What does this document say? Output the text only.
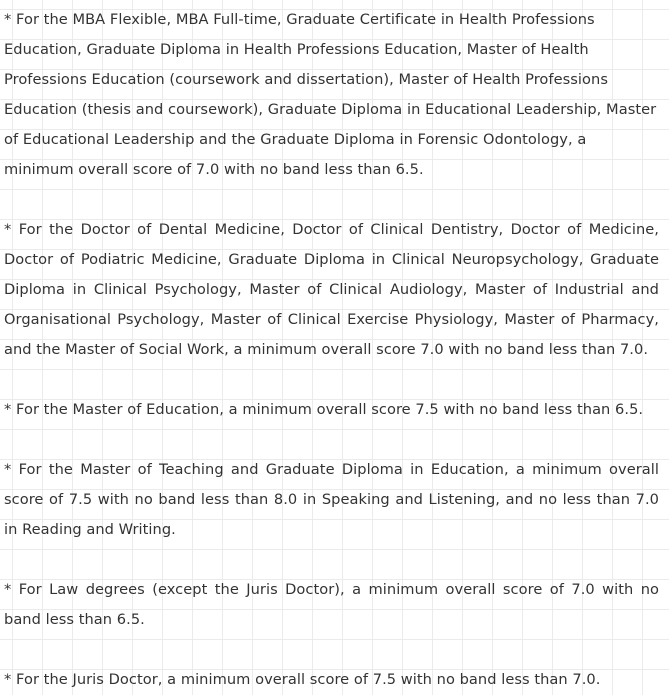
* For the MBA Flexible, MBA Full-time, Graduate Certificate in Health Professions Education, Graduate Diploma in Health Professions Education, Master of Health Professions Education (coursework and dissertation), Master of Health Professions Education (thesis and coursework), Graduate Diploma in Educational Leadership, Master of Educational Leadership and the Graduate Diploma in Forensic Odontology, a minimum overall score of 7.0 with no band less than 6.5.

* For the Doctor of Dental Medicine, Doctor of Clinical Dentistry, Doctor of Medicine, Doctor of Podiatric Medicine, Graduate Diploma in Clinical Neuropsychology, Graduate Diploma in Clinical Psychology, Master of Clinical Audiology, Master of Industrial and Organisational Psychology, Master of Clinical Exercise Physiology, Master of Pharmacy, and the Master of Social Work, a minimum overall score 7.0 with no band less than 7.0.

* For the Master of Education, a minimum overall score 7.5 with no band less than 6.5.

* For the Master of Teaching and Graduate Diploma in Education, a minimum overall score of 7.5 with no band less than 8.0 in Speaking and Listening, and no less than 7.0 in Reading and Writing.

* For Law degrees (except the Juris Doctor), a minimum overall score of 7.0 with no band less than 6.5.

* For the Juris Doctor, a minimum overall score of 7.5 with no band less than 7.0.
